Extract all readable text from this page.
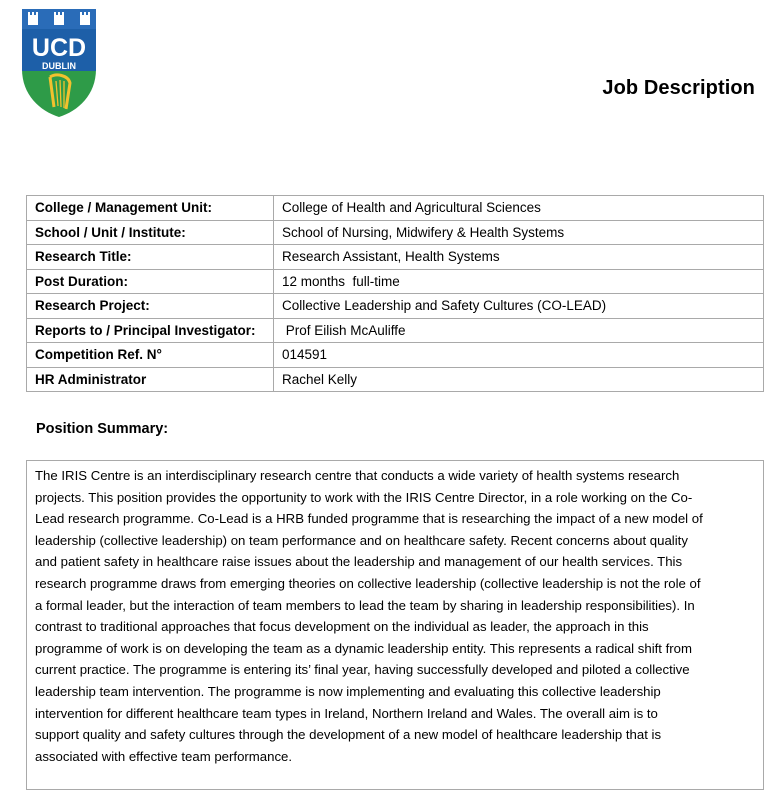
UCD
DUBLIN
Job Description
College / Management Unit:	College of Health and Agricultural Sciences
School / Unit / Institute:	School of Nursing, Midwifery & Health Systems
Research Title:	Research Assistant, Health Systems
Post Duration:	12 months  full-time
Research Project:	Collective Leadership and Safety Cultures (CO-LEAD)
Reports to / Principal Investigator:	Prof Eilish McAuliffe
Competition Ref. N°	014591
HR Administrator	Rachel Kelly
Position Summary:

The IRIS Centre is an interdisciplinary research centre that conducts a wide variety of health systems research

projects. This position provides the opportunity to work with the IRIS Centre Director, in a role working on the Co-

Lead research programme. Co-Lead is a HRB funded programme that is researching the impact of a new model of

leadership (collective leadership) on team performance and on healthcare safety. Recent concerns about quality

and patient safety in healthcare raise issues about the leadership and management of our health services. This

research programme draws from emerging theories on collective leadership (collective leadership is not the role of

a formal leader, but the interaction of team members to lead the team by sharing in leadership responsibilities). In

contrast to traditional approaches that focus development on the individual as leader, the approach in this

programme of work is on developing the team as a dynamic leadership entity. This represents a radical shift from

current practice. The programme is entering its’ final year, having successfully developed and piloted a collective

leadership team intervention. The programme is now implementing and evaluating this collective leadership

intervention for different healthcare team types in Ireland, Northern Ireland and Wales. The overall aim is to

support quality and safety cultures through the development of a new model of healthcare leadership that is

associated with effective team performance.
